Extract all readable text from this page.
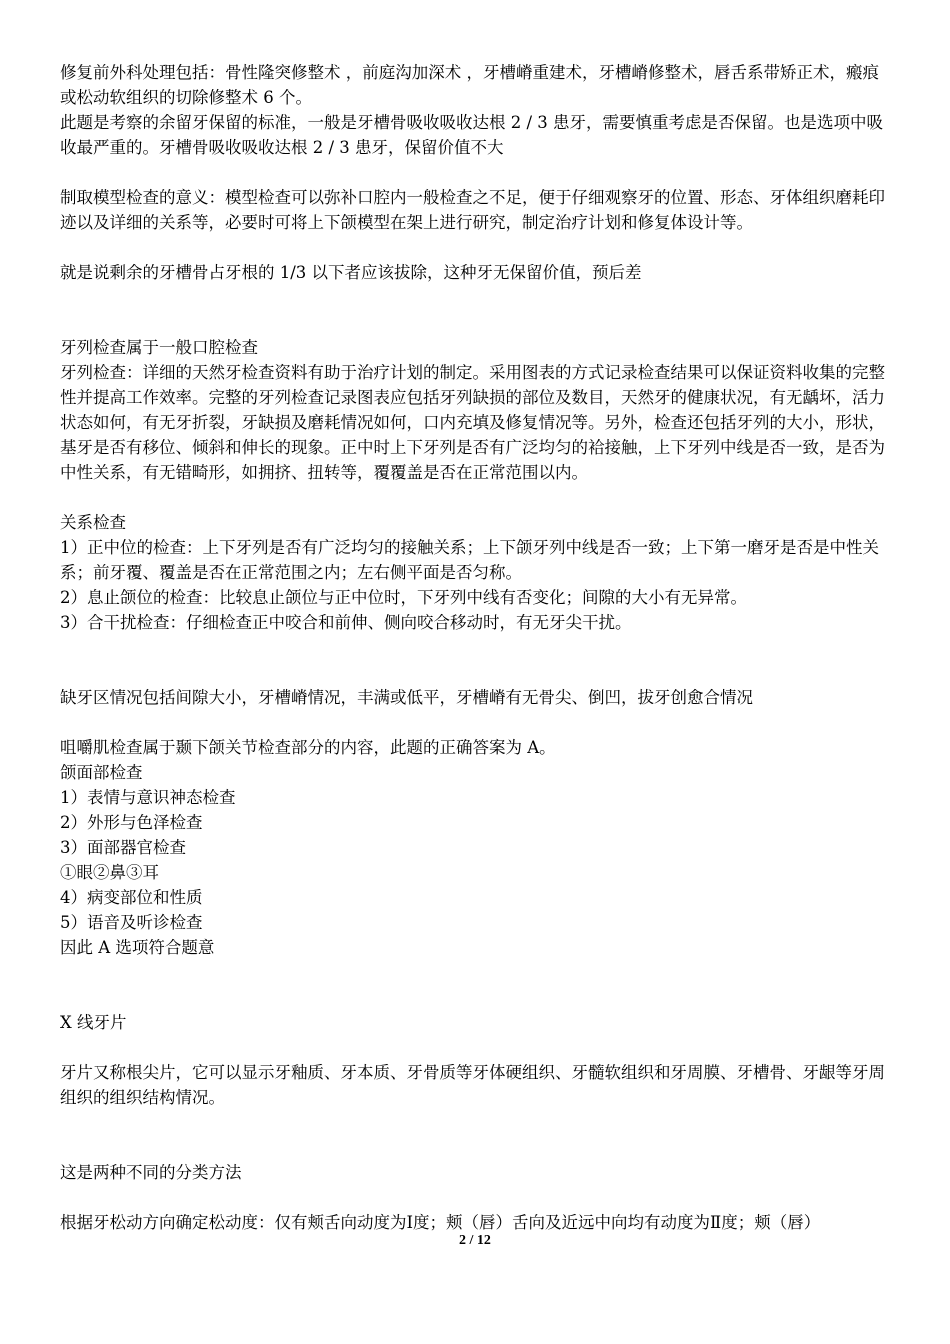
修复前外科处理包括：骨性隆突修整术 ，前庭沟加深术 ，牙槽嵴重建术，牙槽嵴修整术，唇舌系带矫正术，瘢痕或松动软组织的切除修整术 6 个。

此题是考察的余留牙保留的标准，一般是牙槽骨吸收吸收达根 2 / 3 患牙，需要慎重考虑是否保留。也是选项中吸收最严重的。牙槽骨吸收吸收达根 2 / 3 患牙，保留价值不大

制取模型检查的意义：模型检查可以弥补口腔内一般检查之不足，便于仔细观察牙的位置、形态、牙体组织磨耗印迹以及详细的关系等，必要时可将上下颌模型在架上进行研究，制定治疗计划和修复体设计等。

就是说剩余的牙槽骨占牙根的 1/3 以下者应该拔除，这种牙无保留价值，预后差

牙列检查属于一般口腔检查

牙列检查：详细的天然牙检查资料有助于治疗计划的制定。采用图表的方式记录检查结果可以保证资料收集的完整性并提高工作效率。完整的牙列检查记录图表应包括牙列缺损的部位及数目，天然牙的健康状况，有无龋坏，活力状态如何，有无牙折裂，牙缺损及磨耗情况如何，口内充填及修复情况等。另外，检查还包括牙列的大小，形状，基牙是否有移位、倾斜和伸长的现象。正中时上下牙列是否有广泛均匀的袷接触，上下牙列中线是否一致，是否为中性关系，有无错畸形，如拥挤、扭转等，覆覆盖是否在正常范围以内。

关系检查

1）正中位的检查：上下牙列是否有广泛均匀的接触关系；上下颌牙列中线是否一致；上下第一磨牙是否是中性关系；前牙覆、覆盖是否在正常范围之内；左右侧平面是否匀称。

2）息止颌位的检查：比较息止颌位与正中位时，下牙列中线有否变化；间隙的大小有无异常。

3）合干扰检查：仔细检查正中咬合和前伸、侧向咬合移动时，有无牙尖干扰。

缺牙区情况包括间隙大小，牙槽嵴情况，丰满或低平，牙槽嵴有无骨尖、倒凹，拔牙创愈合情况

咀嚼肌检查属于颞下颌关节检查部分的内容，此题的正确答案为 A。

颌面部检查

1）表情与意识神态检查

2）外形与色泽检查

3）面部器官检查

①眼②鼻③耳

4）病变部位和性质

5）语音及听诊检查

因此 A 选项符合题意

X 线牙片

牙片又称根尖片，它可以显示牙釉质、牙本质、牙骨质等牙体硬组织、牙髓软组织和牙周膜、牙槽骨、牙龈等牙周组织的组织结构情况。

这是两种不同的分类方法

根据牙松动方向确定松动度：仅有颊舌向动度为Ⅰ度；颊（唇）舌向及近远中向均有动度为Ⅱ度；颊（唇）

2 / 12
